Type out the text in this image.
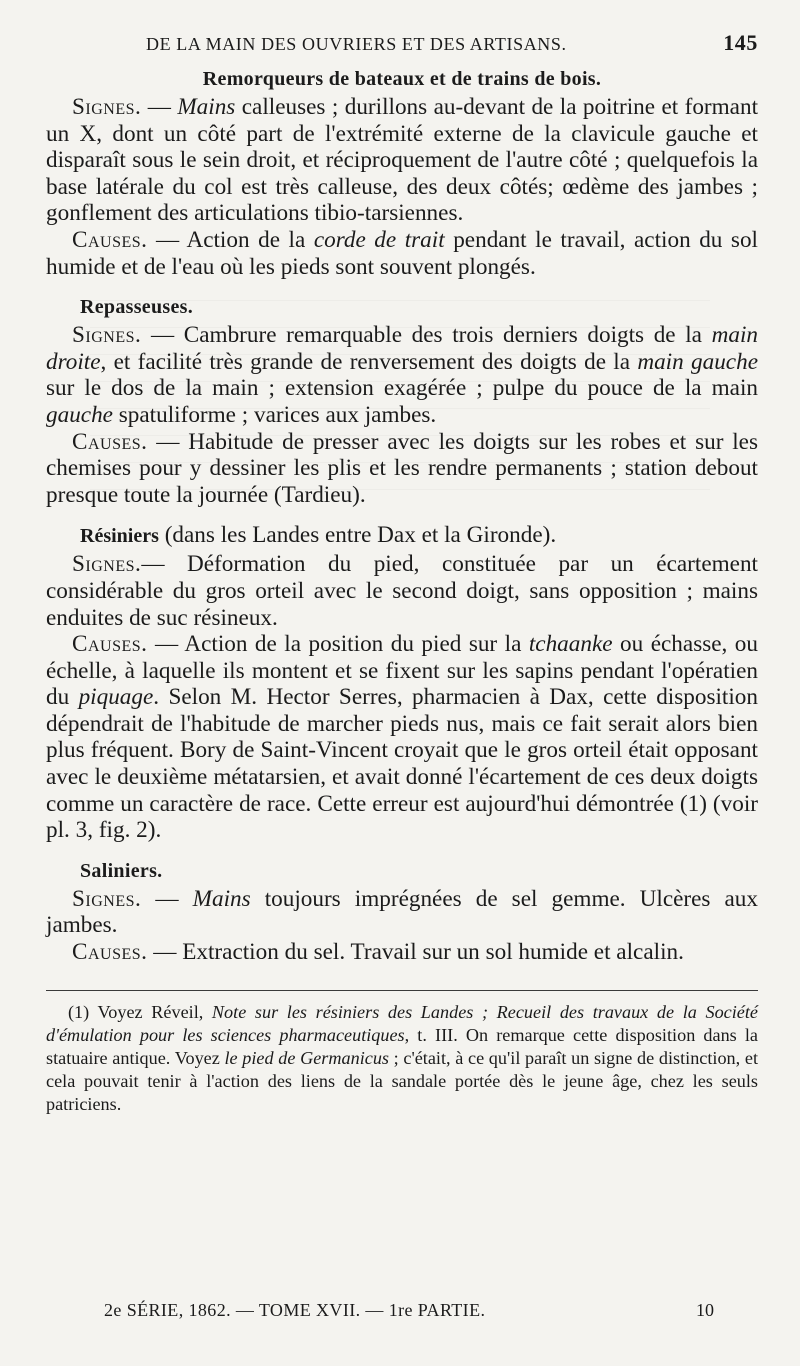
DE LA MAIN DES OUVRIERS ET DES ARTISANS.	145
Remorqueurs de bateaux et de trains de bois.

Signes. — Mains calleuses ; durillons au-devant de la poitrine et formant un X, dont un côté part de l'extrémité externe de la clavicule gauche et disparaît sous le sein droit, et réciproquement de l'autre côté ; quelquefois la base latérale du col est très calleuse, des deux côtés; œdème des jambes ; gonflement des articulations tibio-tarsiennes.

Causes. — Action de la corde de trait pendant le travail, action du sol humide et de l'eau où les pieds sont souvent plongés.

Repasseuses.

Signes. — Cambrure remarquable des trois derniers doigts de la main droite, et facilité très grande de renversement des doigts de la main gauche sur le dos de la main ; extension exagérée ; pulpe du pouce de la main gauche spatuliforme ; varices aux jambes.

Causes. — Habitude de presser avec les doigts sur les robes et sur les chemises pour y dessiner les plis et les rendre permanents ; station debout presque toute la journée (Tardieu).

Résiniers (dans les Landes entre Dax et la Gironde).

Signes.— Déformation du pied, constituée par un écartement considérable du gros orteil avec le second doigt, sans opposition ; mains enduites de suc résineux.

Causes. — Action de la position du pied sur la tchaanke ou échasse, ou échelle, à laquelle ils montent et se fixent sur les sapins pendant l'opératien du piquage. Selon M. Hector Serres, pharmacien à Dax, cette disposition dépendrait de l'habitude de marcher pieds nus, mais ce fait serait alors bien plus fréquent. Bory de Saint-Vincent croyait que le gros orteil était opposant avec le deuxième métatarsien, et avait donné l'écartement de ces deux doigts comme un caractère de race. Cette erreur est aujourd'hui démontrée (1) (voir pl. 3, fig. 2).

Saliniers.

Signes. — Mains toujours imprégnées de sel gemme. Ulcères aux jambes.

Causes. — Extraction du sel. Travail sur un sol humide et alcalin.

(1) Voyez Réveil, Note sur les résiniers des Landes ; Recueil des travaux de la Société d'émulation pour les sciences pharmaceutiques, t. III. On remarque cette disposition dans la statuaire antique. Voyez le pied de Germanicus ; c'était, à ce qu'il paraît un signe de distinction, et cela pouvait tenir à l'action des liens de la sandale portée dès le jeune âge, chez les seuls patriciens.

2e SÉRIE, 1862. — TOME XVII. — 1re PARTIE.	10
